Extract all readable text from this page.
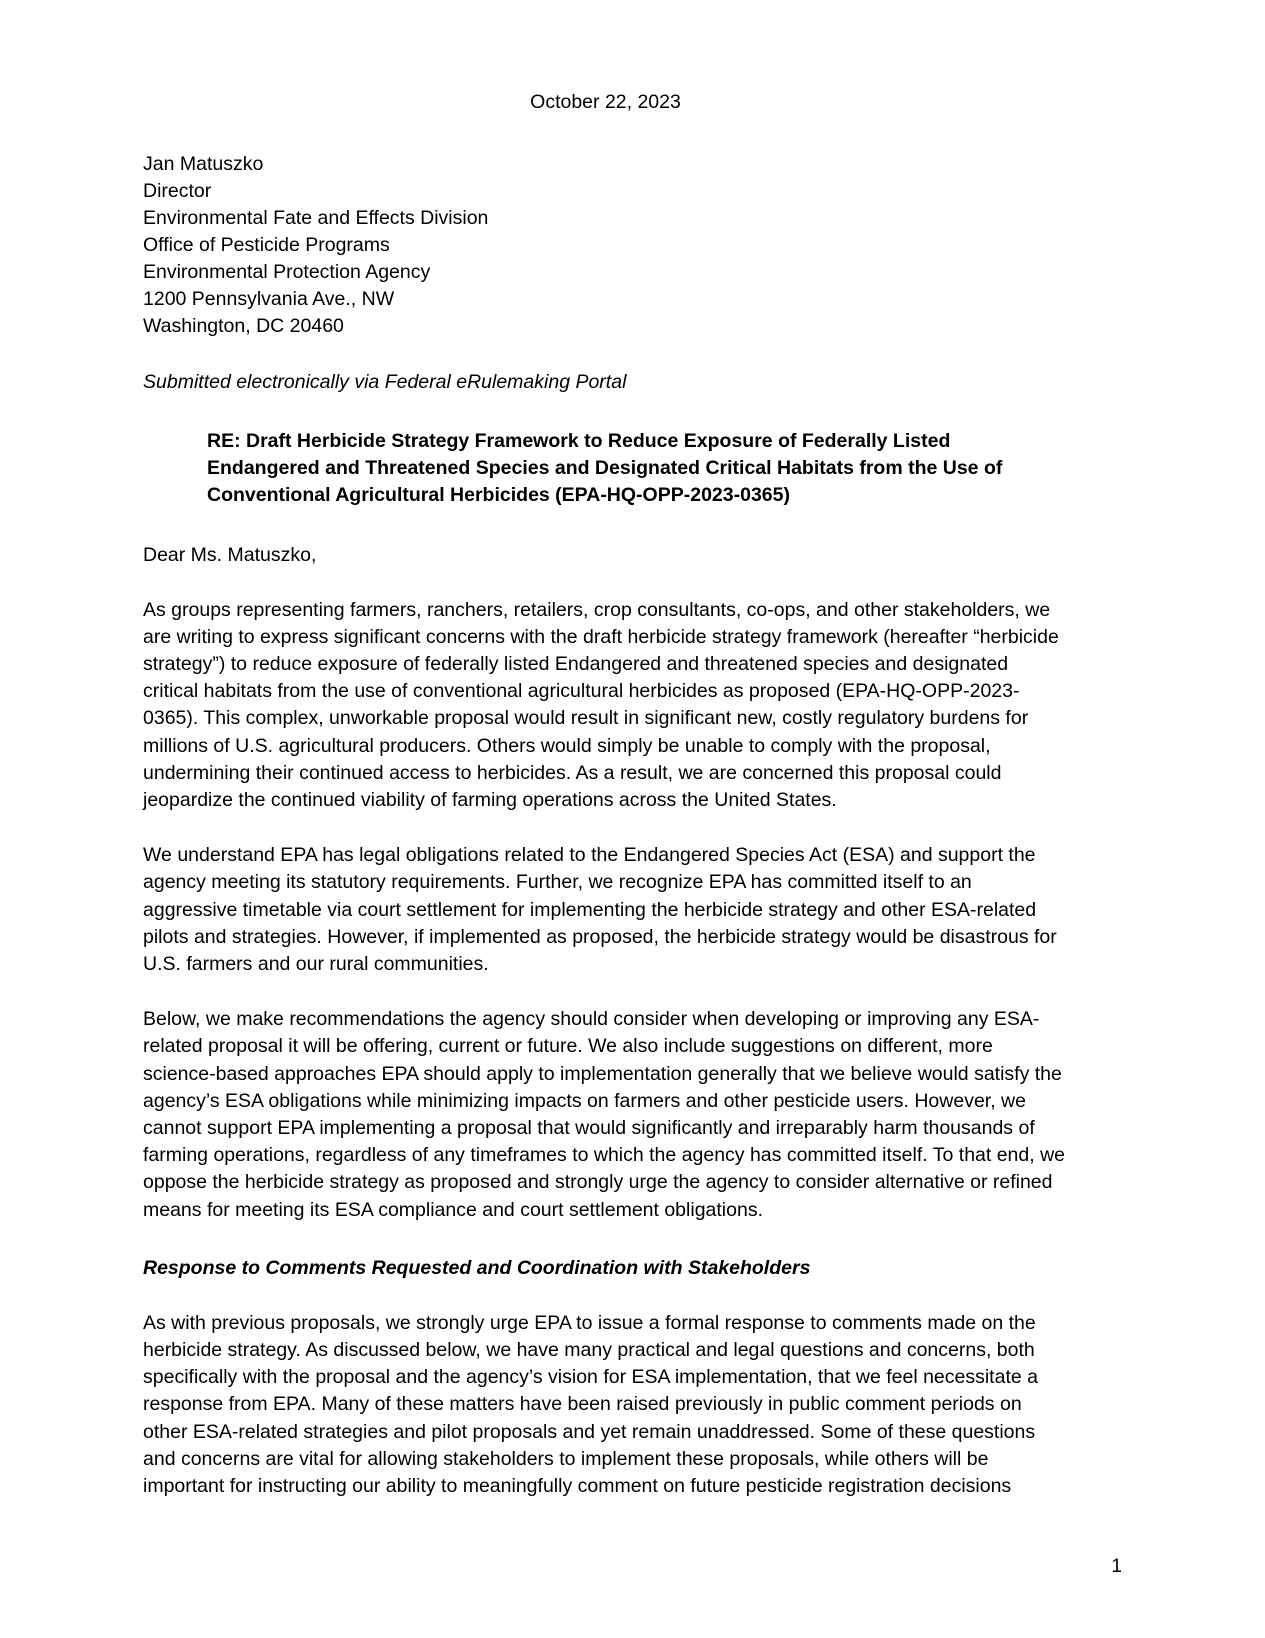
October 22, 2023
Jan Matuszko
Director
Environmental Fate and Effects Division
Office of Pesticide Programs
Environmental Protection Agency
1200 Pennsylvania Ave., NW
Washington, DC 20460
Submitted electronically via Federal eRulemaking Portal
RE: Draft Herbicide Strategy Framework to Reduce Exposure of Federally Listed Endangered and Threatened Species and Designated Critical Habitats from the Use of Conventional Agricultural Herbicides (EPA-HQ-OPP-2023-0365)
Dear Ms. Matuszko,

As groups representing farmers, ranchers, retailers, crop consultants, co-ops, and other stakeholders, we are writing to express significant concerns with the draft herbicide strategy framework (hereafter “herbicide strategy”) to reduce exposure of federally listed Endangered and threatened species and designated critical habitats from the use of conventional agricultural herbicides as proposed (EPA-HQ-OPP-2023-0365). This complex, unworkable proposal would result in significant new, costly regulatory burdens for millions of U.S. agricultural producers. Others would simply be unable to comply with the proposal, undermining their continued access to herbicides. As a result, we are concerned this proposal could jeopardize the continued viability of farming operations across the United States.

We understand EPA has legal obligations related to the Endangered Species Act (ESA) and support the agency meeting its statutory requirements. Further, we recognize EPA has committed itself to an aggressive timetable via court settlement for implementing the herbicide strategy and other ESA-related pilots and strategies. However, if implemented as proposed, the herbicide strategy would be disastrous for U.S. farmers and our rural communities.

Below, we make recommendations the agency should consider when developing or improving any ESA-related proposal it will be offering, current or future. We also include suggestions on different, more science-based approaches EPA should apply to implementation generally that we believe would satisfy the agency’s ESA obligations while minimizing impacts on farmers and other pesticide users. However, we cannot support EPA implementing a proposal that would significantly and irreparably harm thousands of farming operations, regardless of any timeframes to which the agency has committed itself. To that end, we oppose the herbicide strategy as proposed and strongly urge the agency to consider alternative or refined means for meeting its ESA compliance and court settlement obligations.

Response to Comments Requested and Coordination with Stakeholders

As with previous proposals, we strongly urge EPA to issue a formal response to comments made on the herbicide strategy. As discussed below, we have many practical and legal questions and concerns, both specifically with the proposal and the agency’s vision for ESA implementation, that we feel necessitate a response from EPA. Many of these matters have been raised previously in public comment periods on other ESA-related strategies and pilot proposals and yet remain unaddressed. Some of these questions and concerns are vital for allowing stakeholders to implement these proposals, while others will be important for instructing our ability to meaningfully comment on future pesticide registration decisions

1
